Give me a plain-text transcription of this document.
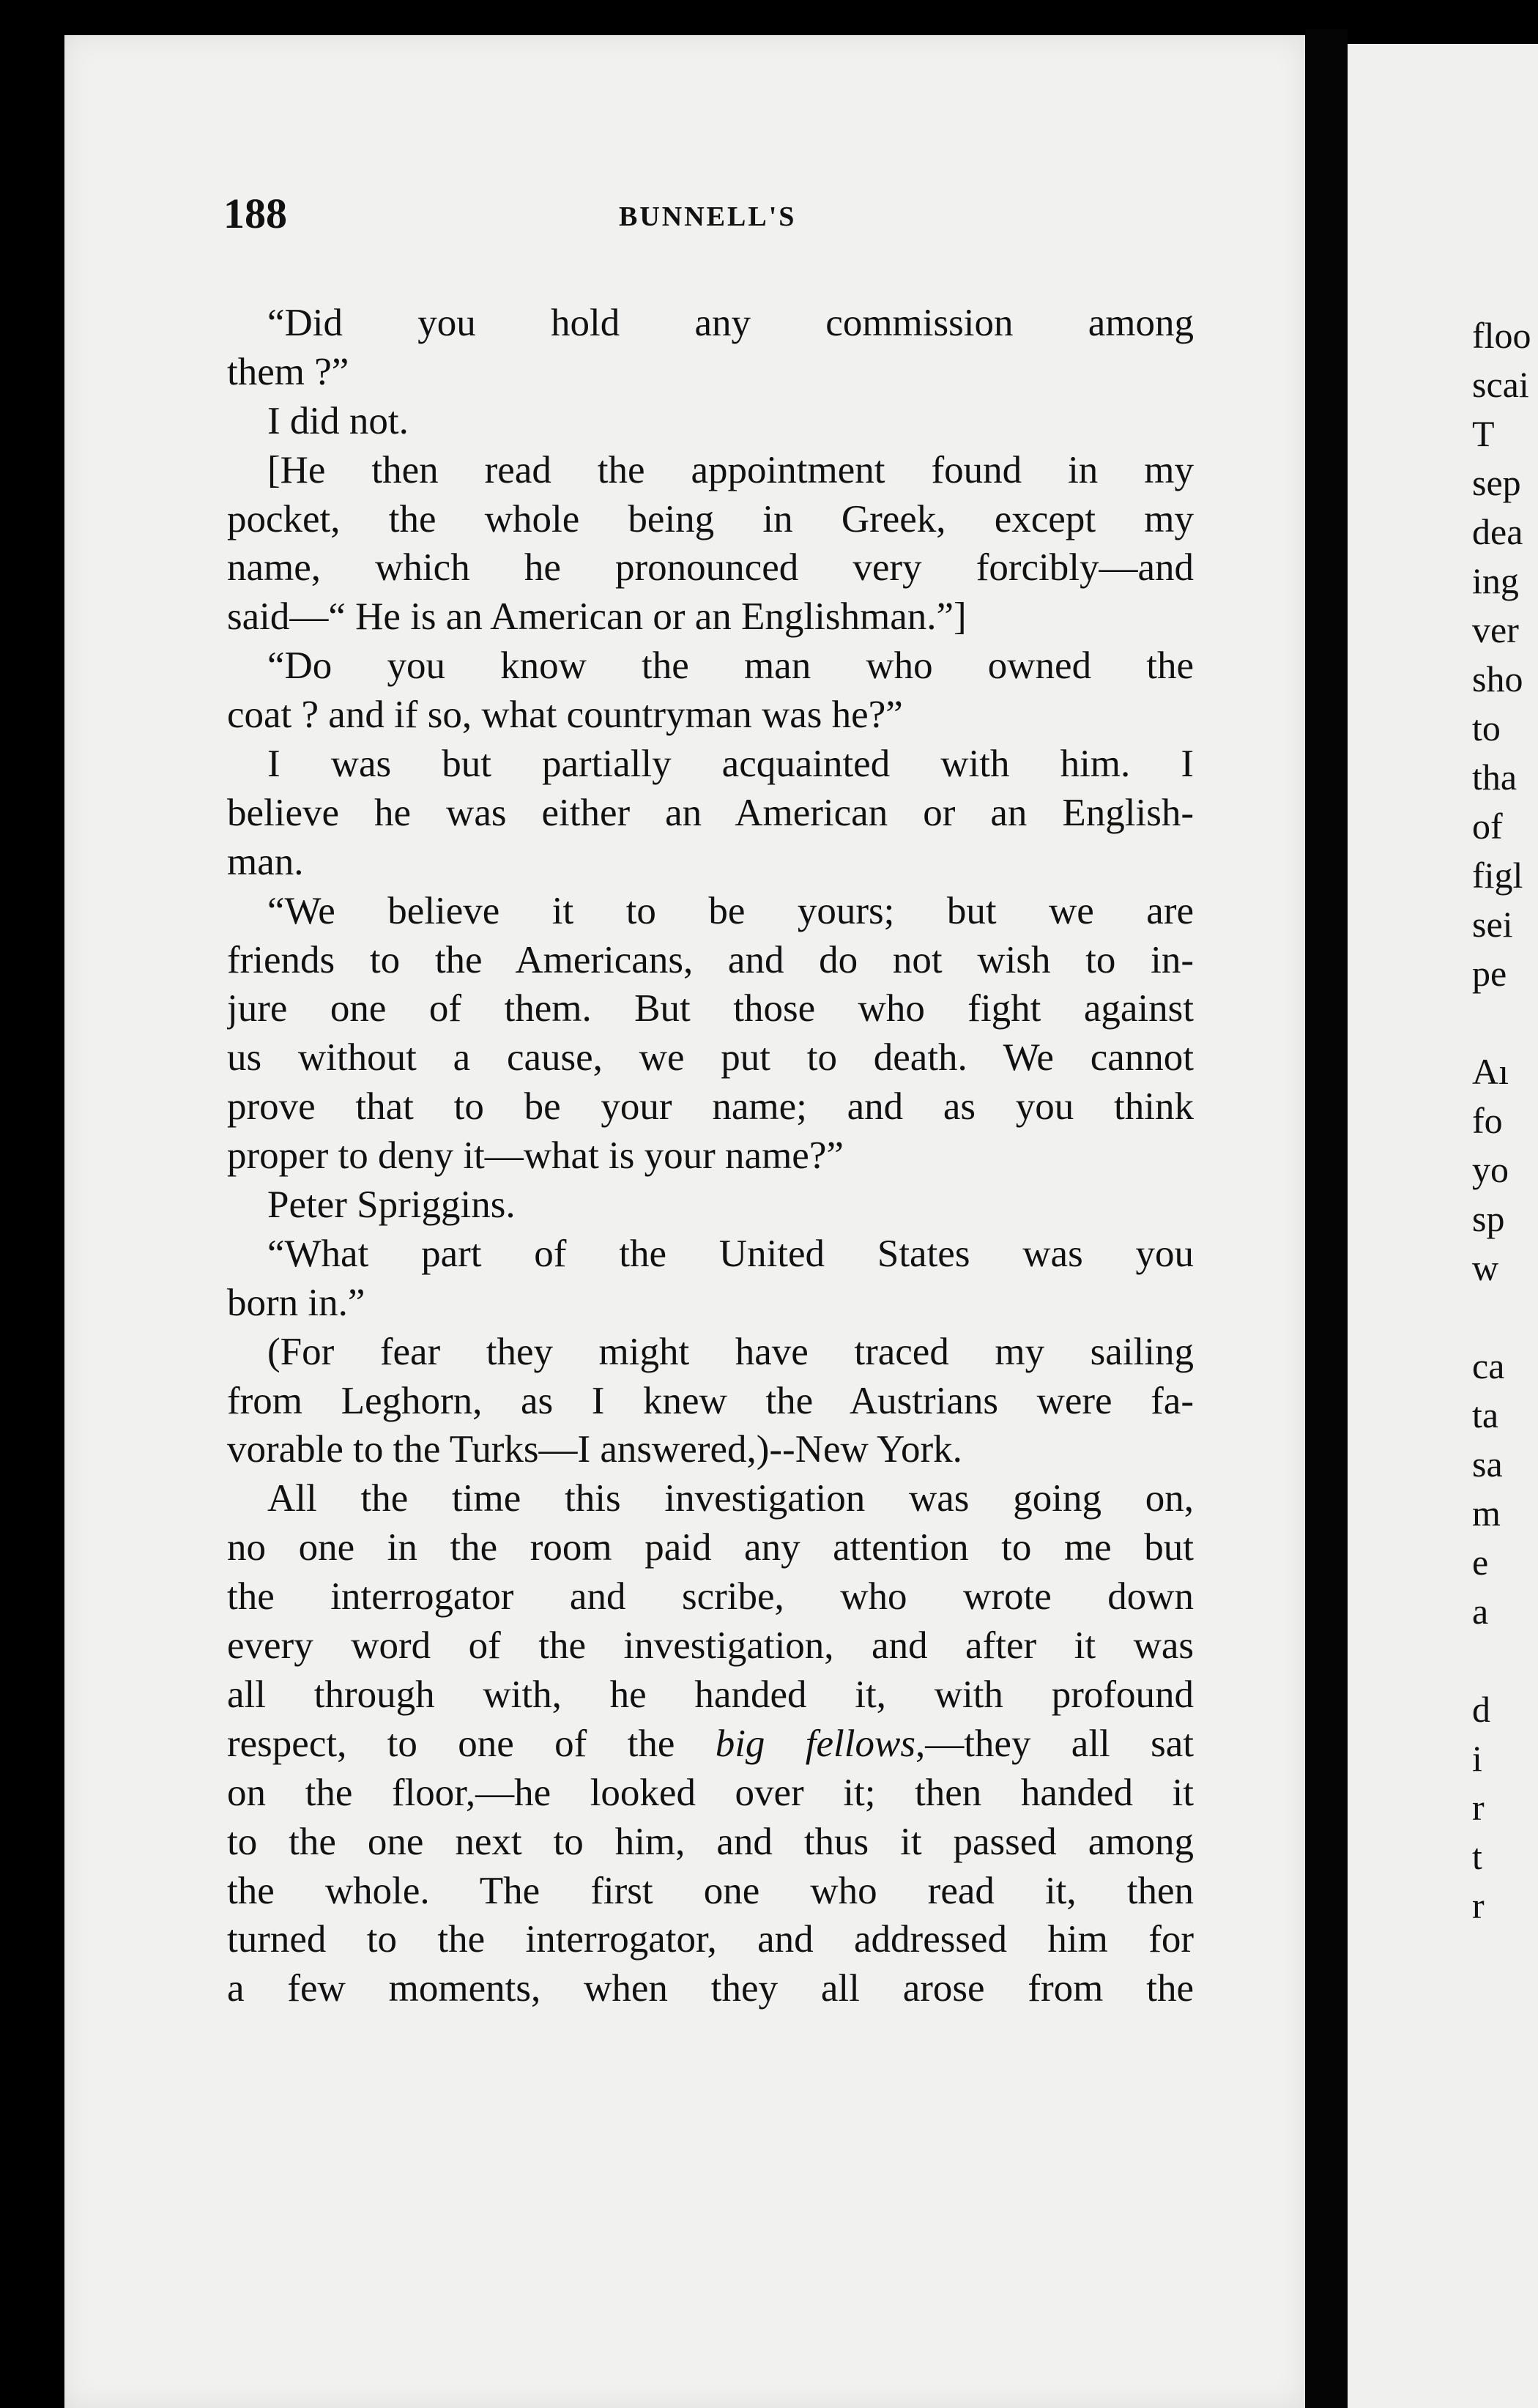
188	BUNNELL'S
“Did you hold any commission among
them ?”
I did not.
[He then read the appointment found in my
pocket, the whole being in Greek, except my
name, which he pronounced very forcibly—and
said—“ He is an American or an Englishman.”]
“Do you know the man who owned the
coat ? and if so, what countryman was he?”
I was but partially acquainted with him. I
believe he was either an American or an English-
man.
“We believe it to be yours; but we are
friends to the Americans, and do not wish to in-
jure one of them. But those who fight against
us without a cause, we put to death. We cannot
prove that to be your name; and as you think
proper to deny it—what is your name?”
Peter Spriggins.
“What part of the United States was you
born in.”
(For fear they might have traced my sailing
from Leghorn, as I knew the Austrians were fa-
vorable to the Turks—I answered,)--New York.
All the time this investigation was going on,
no one in the room paid any attention to me but
the interrogator and scribe, who wrote down
every word of the investigation, and after it was
all through with, he handed it, with profound
respect, to one of the big fellows,—they all sat
on the floor,—he looked over it; then handed it
to the one next to him, and thus it passed among
the whole. The first one who read it, then
turned to the interrogator, and addressed him for
a few moments, when they all arose from the
floo
scai
T
sep
dea
ing
ver
sho
to
tha
of
figl
sei
pe
Aı
fo
yo
sp
w
ca
ta
sa
m
e
a
d
i
r
t
r
